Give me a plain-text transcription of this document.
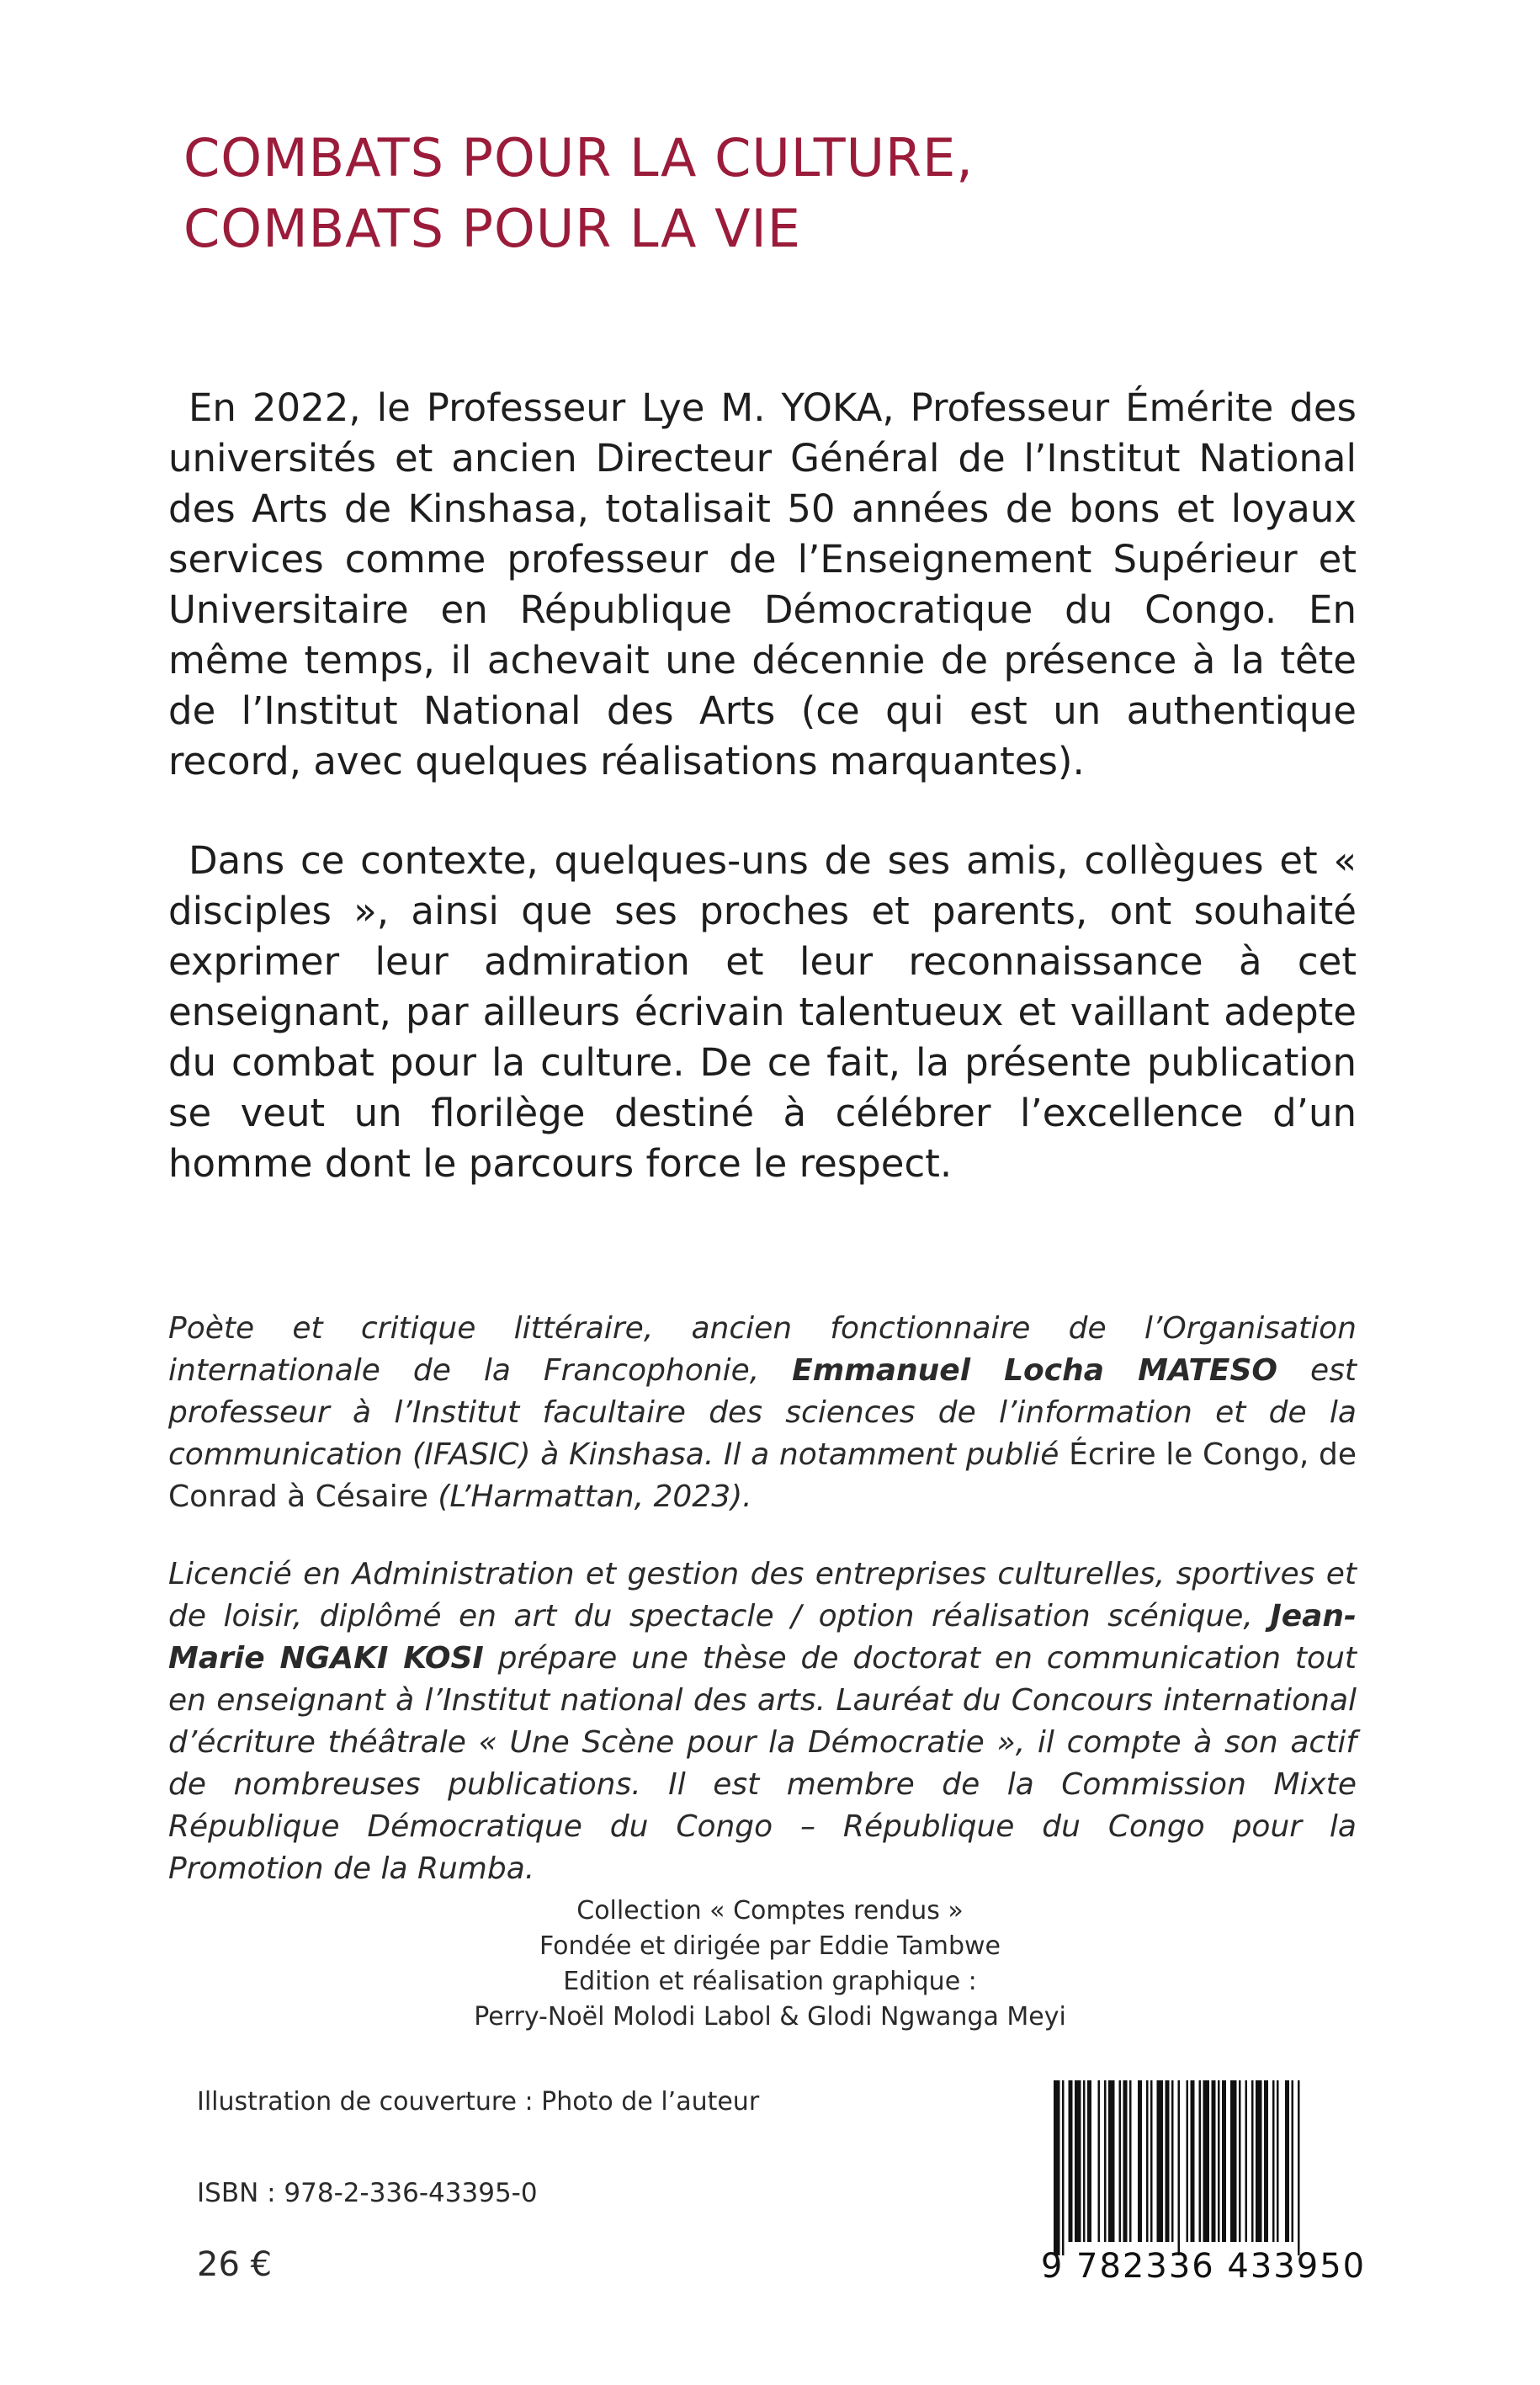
COMBATS POUR LA CULTURE,
COMBATS POUR LA VIE

En 2022, le Professeur Lye M. YOKA, Professeur Émérite des universités et ancien Directeur Général de l’Institut National des Arts de Kinshasa, totalisait 50 années de bons et loyaux services comme professeur de l’Enseignement Supérieur et Universitaire en République Démocratique du Congo. En même temps, il achevait une décennie de présence à la tête de l’Institut National des Arts (ce qui est un authentique record, avec quelques réalisations marquantes).

Dans ce contexte, quelques-uns de ses amis, collègues et « disciples », ainsi que ses proches et parents, ont souhaité exprimer leur admiration et leur reconnaissance à cet enseignant, par ailleurs écrivain talentueux et vaillant adepte du combat pour la culture. De ce fait, la présente publication se veut un florilège destiné à célébrer l’excellence d’un homme dont le parcours force le respect.

Poète et critique littéraire, ancien fonctionnaire de l’Organisation internationale de la Francophonie, Emmanuel Locha MATESO est professeur à l’Institut facultaire des sciences de l’information et de la communication (IFASIC) à Kinshasa. Il a notamment publié Écrire le Congo, de Conrad à Césaire (L’Harmattan, 2023).

Licencié en Administration et gestion des entreprises culturelles, sportives et de loisir, diplômé en art du spectacle / option réalisation scénique, Jean-Marie NGAKI KOSI prépare une thèse de doctorat en communication tout en enseignant à l’Institut national des arts. Lauréat du Concours international d’écriture théâtrale « Une Scène pour la Démocratie », il compte à son actif de nombreuses publications. Il est membre de la Commission Mixte République Démocratique du Congo – République du Congo pour la Promotion de la Rumba.

Collection « Comptes rendus »
Fondée et dirigée par Eddie Tambwe
Edition et réalisation graphique :
Perry-Noël Molodi Labol & Glodi Ngwanga Meyi
Illustration de couverture : Photo de l’auteur
ISBN : 978-2-336-43395-0
26 €	9 782336 433950
